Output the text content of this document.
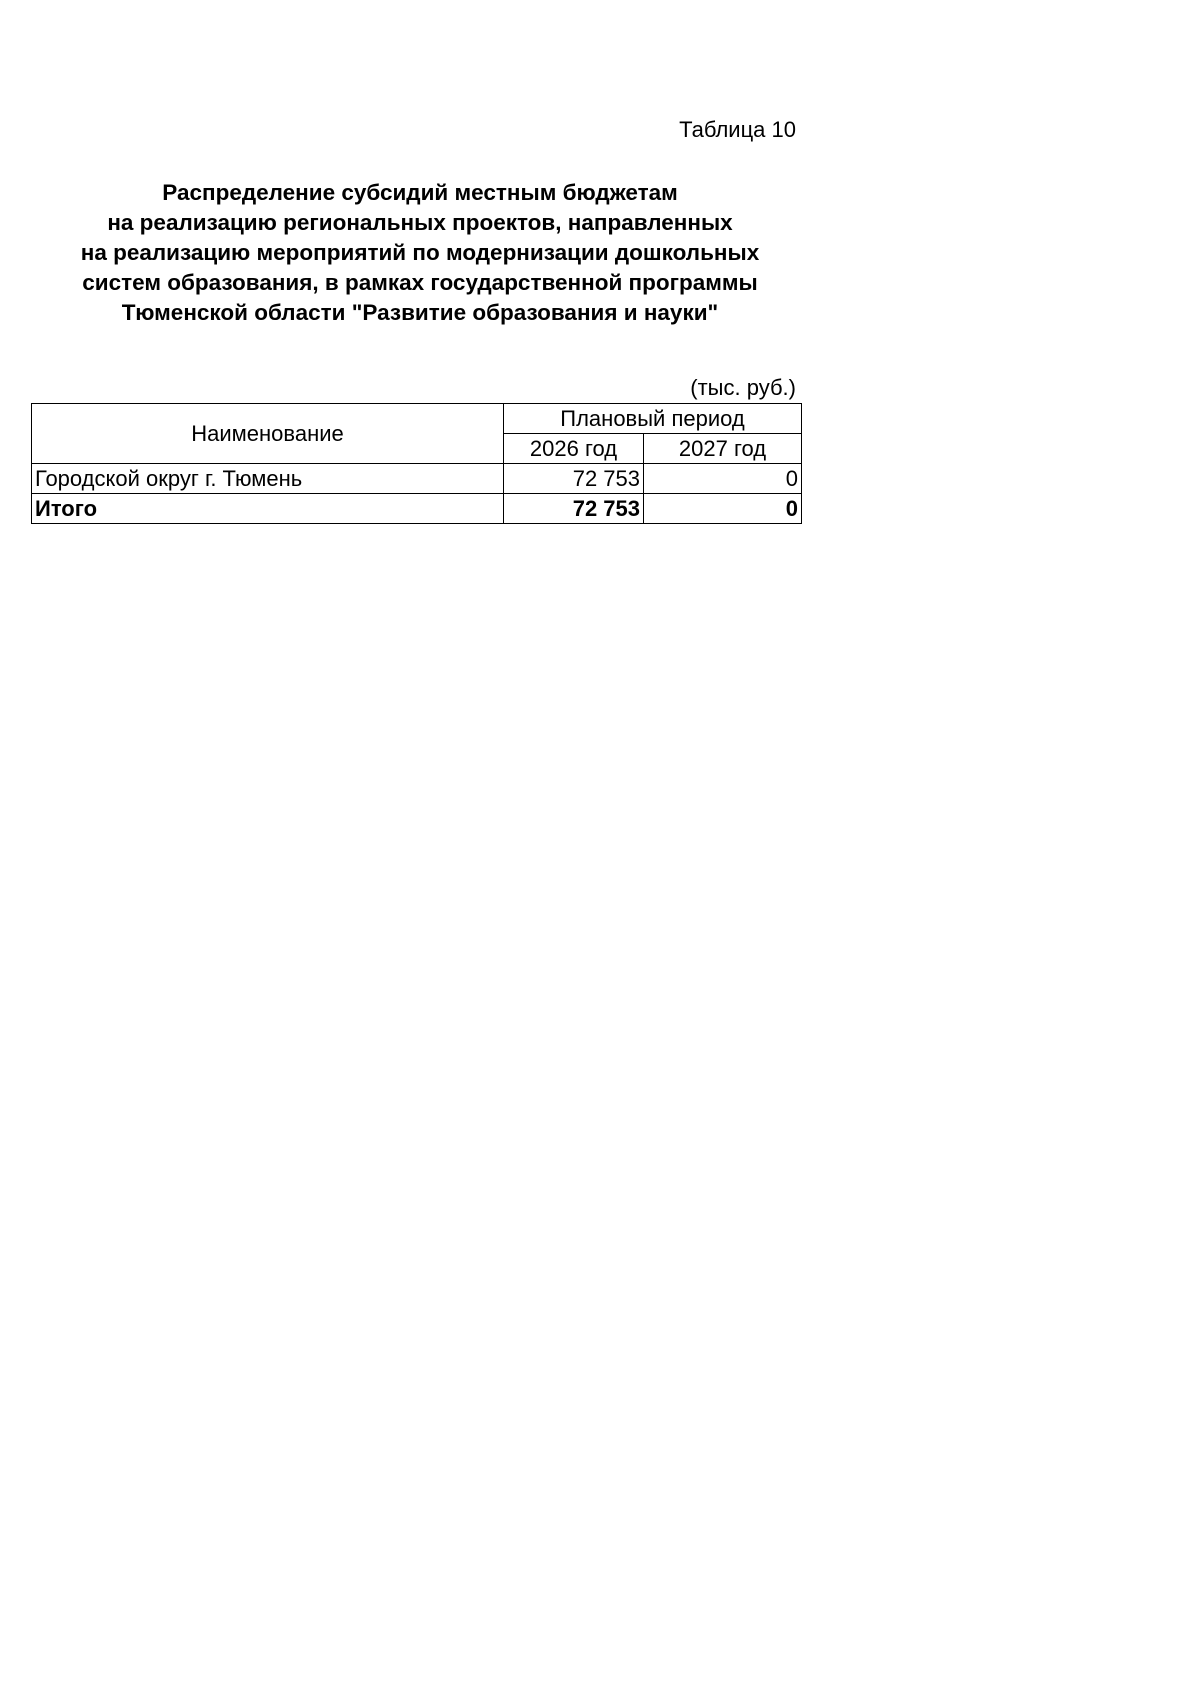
Таблица 10
Распределение субсидий местным бюджетам
на реализацию региональных проектов, направленных
на реализацию мероприятий по модернизации дошкольных
систем образования, в рамках государственной программы
Тюменской области "Развитие образования и науки"
(тыс. руб.)
Наименование	Плановый период	
	2026 год	2027 год
Городской округ г. Тюмень	72 753	0
Итого	72 753	0
